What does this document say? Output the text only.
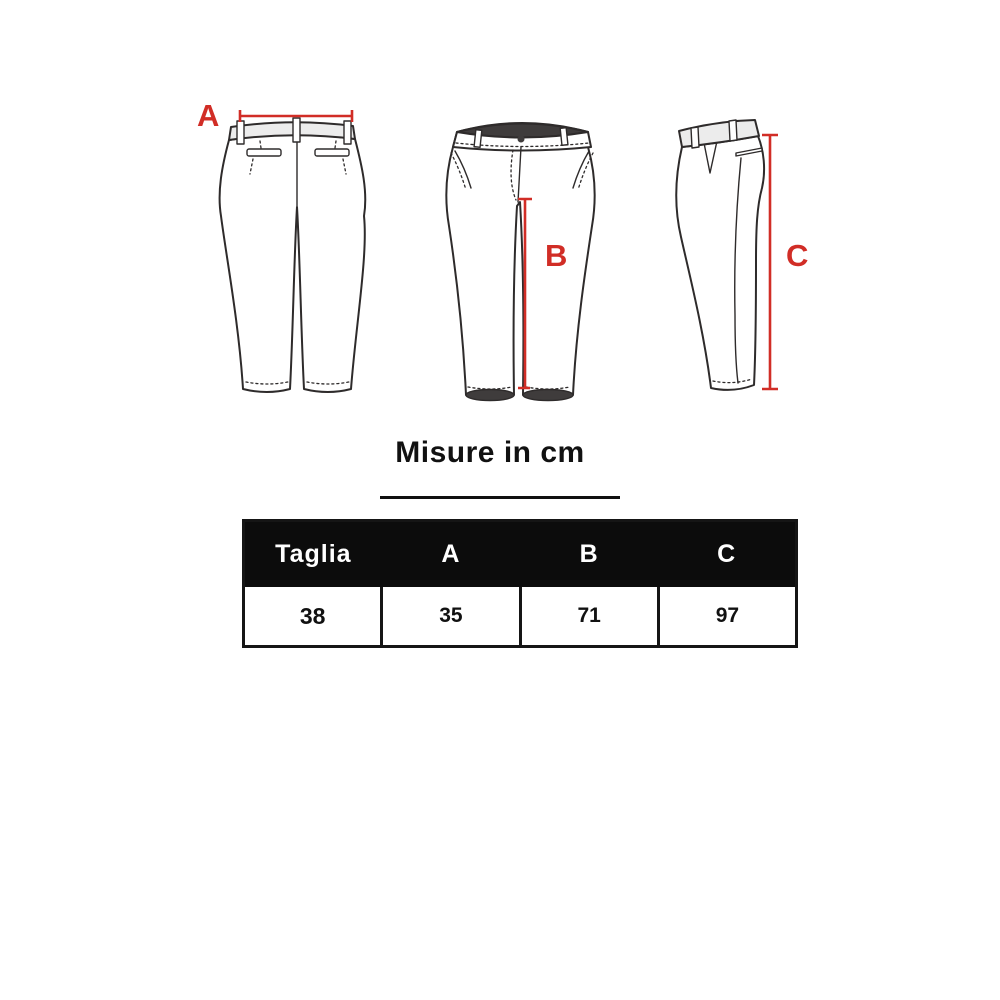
A
B	C
Misure in cm
Taglia	A	B	C
38	35	71	97
